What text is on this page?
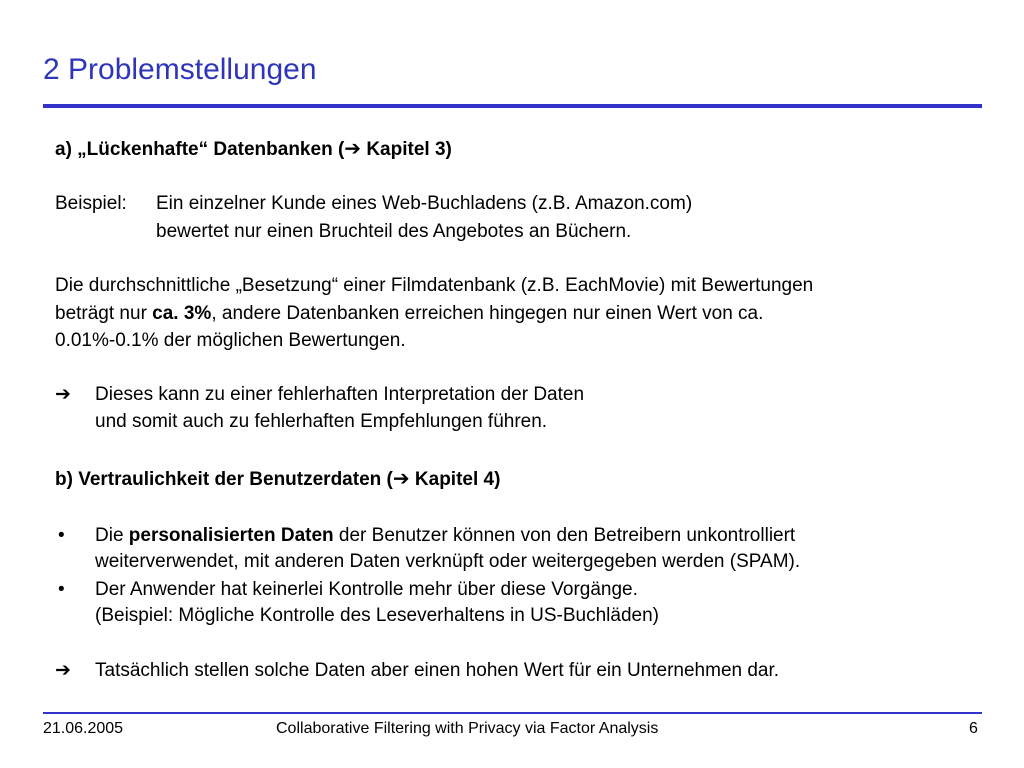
2 Problemstellungen
a) „Lückenhafte“ Datenbanken (➔ Kapitel 3)
Beispiel: Ein einzelner Kunde eines Web-Buchladens (z.B. Amazon.com)
bewertet nur einen Bruchteil des Angebotes an Büchern.
Die durchschnittliche „Besetzung“ einer Filmdatenbank (z.B. EachMovie) mit Bewertungen
beträgt nur ca. 3%, andere Datenbanken erreichen hingegen nur einen Wert von ca.
0.01%-0.1% der möglichen Bewertungen.
➔	Dieses kann zu einer fehlerhaften Interpretation der Daten
und somit auch zu fehlerhaften Empfehlungen führen.
b) Vertraulichkeit der Benutzerdaten (➔ Kapitel 4)
•	Die personalisierten Daten der Benutzer können von den Betreibern unkontrolliert
weiterverwendet, mit anderen Daten verknüpft oder weitergegeben werden (SPAM).
•	Der Anwender hat keinerlei Kontrolle mehr über diese Vorgänge.
(Beispiel: Mögliche Kontrolle des Leseverhaltens in US-Buchläden)
➔	Tatsächlich stellen solche Daten aber einen hohen Wert für ein Unternehmen dar.
21.06.2005	Collaborative Filtering with Privacy via Factor Analysis	6
